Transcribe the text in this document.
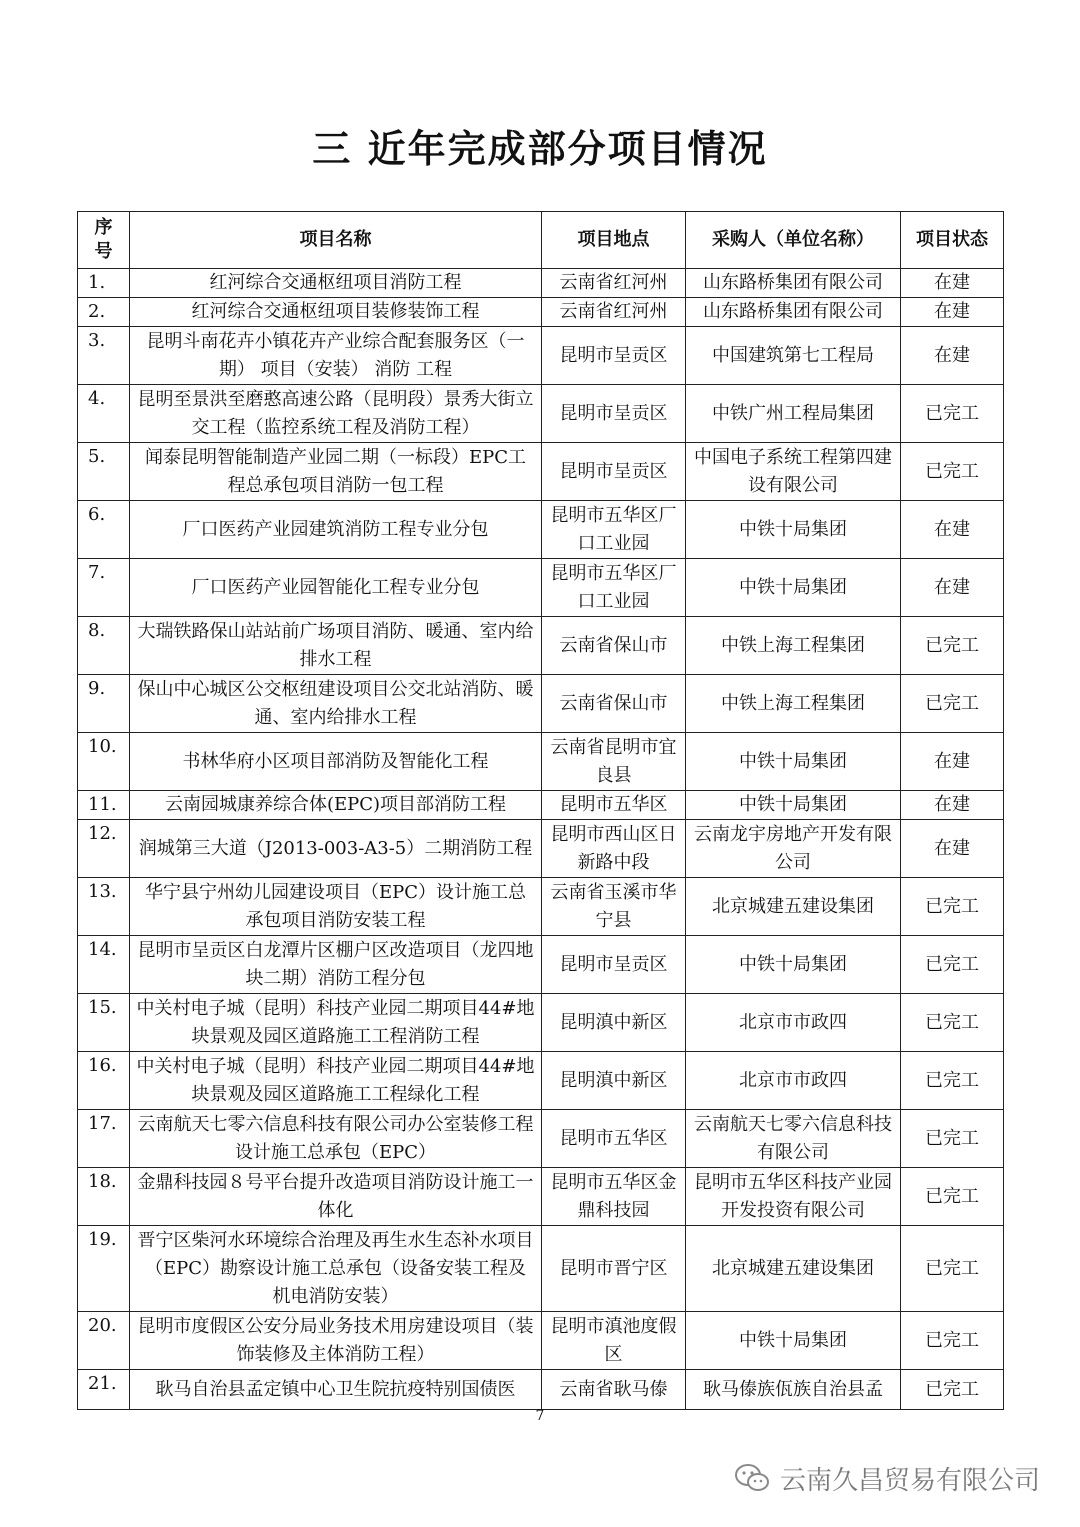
三 近年完成部分项目情况
序号	项目名称	项目地点	采购人（单位名称）	项目状态
1.	红河综合交通枢纽项目消防工程	云南省红河州	山东路桥集团有限公司	在建
2.	红河综合交通枢纽项目装修装饰工程	云南省红河州	山东路桥集团有限公司	在建
3.	昆明斗南花卉小镇花卉产业综合配套服务区（一期） 项目（安装） 消防 工程	昆明市呈贡区	中国建筑第七工程局	在建
4.	昆明至景洪至磨憨高速公路（昆明段）景秀大街立交工程（监控系统工程及消防工程）	昆明市呈贡区	中铁广州工程局集团	已完工
5.	闻泰昆明智能制造产业园二期（一标段）EPC工程总承包项目消防一包工程	昆明市呈贡区	中国电子系统工程第四建设有限公司	已完工
6.	厂口医药产业园建筑消防工程专业分包	昆明市五华区厂口工业园	中铁十局集团	在建
7.	厂口医药产业园智能化工程专业分包	昆明市五华区厂口工业园	中铁十局集团	在建
8.	大瑞铁路保山站站前广场项目消防、暖通、室内给排水工程	云南省保山市	中铁上海工程集团	已完工
9.	保山中心城区公交枢纽建设项目公交北站消防、暖通、室内给排水工程	云南省保山市	中铁上海工程集团	已完工
10.	书林华府小区项目部消防及智能化工程	云南省昆明市宜良县	中铁十局集团	在建
11.	云南园城康养综合体(EPC)项目部消防工程	昆明市五华区	中铁十局集团	在建
12.	润城第三大道（J2013-003-A3-5）二期消防工程	昆明市西山区日新路中段	云南龙宇房地产开发有限公司	在建
13.	华宁县宁州幼儿园建设项目（EPC）设计施工总承包项目消防安装工程	云南省玉溪市华宁县	北京城建五建设集团	已完工
14.	昆明市呈贡区白龙潭片区棚户区改造项目（龙四地块二期）消防工程分包	昆明市呈贡区	中铁十局集团	已完工
15.	中关村电子城（昆明）科技产业园二期项目44#地块景观及园区道路施工工程消防工程	昆明滇中新区	北京市市政四	已完工
16.	中关村电子城（昆明）科技产业园二期项目44#地块景观及园区道路施工工程绿化工程	昆明滇中新区	北京市市政四	已完工
17.	云南航天七零六信息科技有限公司办公室装修工程设计施工总承包（EPC）	昆明市五华区	云南航天七零六信息科技有限公司	已完工
18.	金鼎科技园８号平台提升改造项目消防设计施工一体化	昆明市五华区金鼎科技园	昆明市五华区科技产业园开发投资有限公司	已完工
19.	晋宁区柴河水环境综合治理及再生水生态补水项目（EPC）勘察设计施工总承包（设备安装工程及机电消防安装）	昆明市晋宁区	北京城建五建设集团	已完工
20.	昆明市度假区公安分局业务技术用房建设项目（装饰装修及主体消防工程）	昆明市滇池度假区	中铁十局集团	已完工
21.	耿马自治县孟定镇中心卫生院抗疫特别国债医	云南省耿马傣	耿马傣族佤族自治县孟	已完工
7
云南久昌贸易有限公司
